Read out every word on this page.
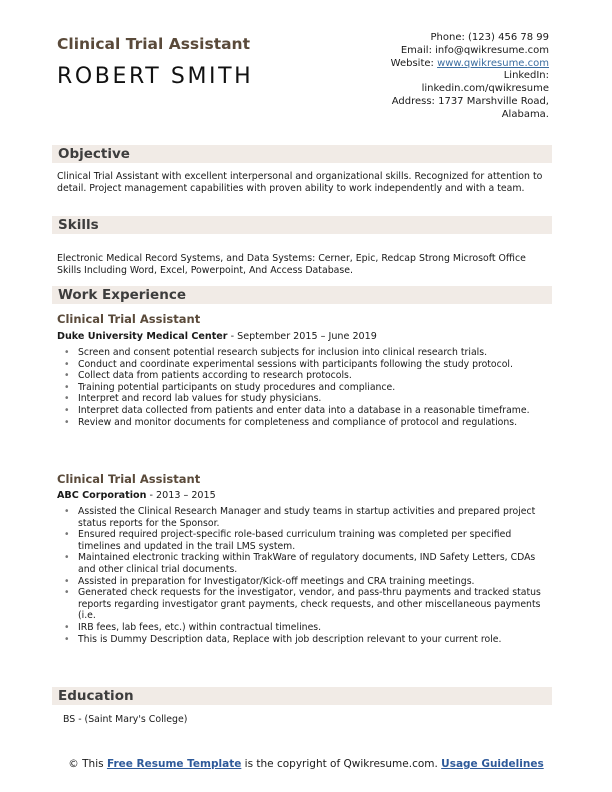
Clinical Trial Assistant
ROBERT SMITH
Phone: (123) 456 78 99
Email: info@qwikresume.com
Website: www.qwikresume.com
LinkedIn:
linkedin.com/qwikresume
Address: 1737 Marshville Road,
Alabama.
Objective
Clinical Trial Assistant with excellent interpersonal and organizational skills. Recognized for attention to detail. Project management capabilities with proven ability to work independently and with a team.
Skills
Electronic Medical Record Systems, and Data Systems: Cerner, Epic, Redcap Strong Microsoft Office Skills Including Word, Excel, Powerpoint, And Access Database.
Work Experience
Clinical Trial Assistant
Duke University Medical Center - September 2015 – June 2019
• Screen and consent potential research subjects for inclusion into clinical research trials.
• Conduct and coordinate experimental sessions with participants following the study protocol.
• Collect data from patients according to research protocols.
• Training potential participants on study procedures and compliance.
• Interpret and record lab values for study physicians.
• Interpret data collected from patients and enter data into a database in a reasonable timeframe.
• Review and monitor documents for completeness and compliance of protocol and regulations.
Clinical Trial Assistant
ABC Corporation - 2013 – 2015
• Assisted the Clinical Research Manager and study teams in startup activities and prepared project status reports for the Sponsor.
• Ensured required project-specific role-based curriculum training was completed per specified timelines and updated in the trail LMS system.
• Maintained electronic tracking within TrakWare of regulatory documents, IND Safety Letters, CDAs and other clinical trial documents.
• Assisted in preparation for Investigator/Kick-off meetings and CRA training meetings.
• Generated check requests for the investigator, vendor, and pass-thru payments and tracked status reports regarding investigator grant payments, check requests, and other miscellaneous payments (i.e.
• IRB fees, lab fees, etc.) within contractual timelines.
• This is Dummy Description data, Replace with job description relevant to your current role.
Education
BS - (Saint Mary's College)
© This Free Resume Template is the copyright of Qwikresume.com. Usage Guidelines
